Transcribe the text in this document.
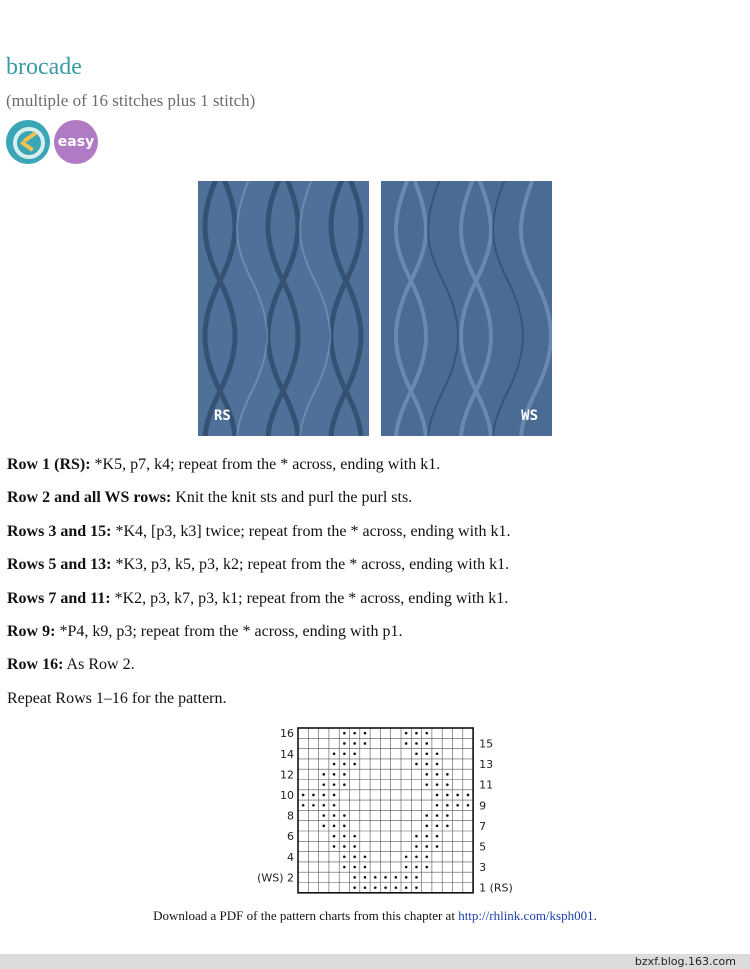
brocade
(multiple of 16 stitches plus 1 stitch)
easy
RS	WS
Row 1 (RS): *K5, p7, k4; repeat from the * across, ending with k1.
Row 2 and all WS rows: Knit the knit sts and purl the purl sts.
Rows 3 and 15: *K4, [p3, k3] twice; repeat from the * across, ending with k1.
Rows 5 and 13: *K3, p3, k5, p3, k2; repeat from the * across, ending with k1.
Rows 7 and 11: *K2, p3, k7, p3, k1; repeat from the * across, ending with k1.
Row 9: *P4, k9, p3; repeat from the * across, ending with p1.
Row 16: As Row 2.
Repeat Rows 1–16 for the pattern.
16
14
12
10
8
6
4
(WS) 2
15
13
11
9
7
5
3
1 (RS)
Download a PDF of the pattern charts from this chapter at http://rhlink.com/ksph001.
bzxf.blog.163.com
